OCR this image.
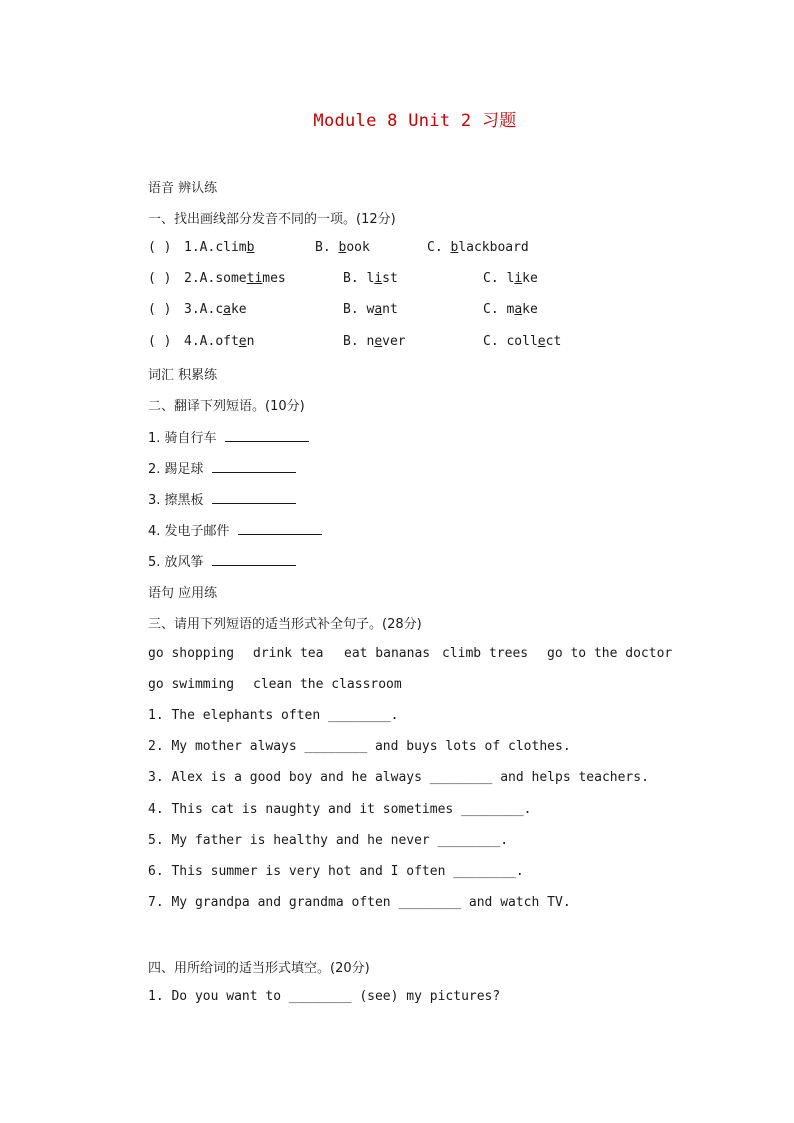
Module 8 Unit 2 习题
语音 辨认练
一、找出画线部分发音不同的一项。(12分)
( ) 1.A.climb	B. book	C. blackboard
( ) 2.A.sometimes	B. list	C. like
( ) 3.A.cake	B. want	C. make
( ) 4.A.often	B. never	C. collect
词汇 积累练
二、翻译下列短语。(10分)
1. 骑自行车
2. 踢足球
3. 擦黑板
4. 发电子邮件
5. 放风筝
语句 应用练
三、请用下列短语的适当形式补全句子。(28分)
go shopping drink tea eat bananas climb trees go to the doctor
go swimming clean the classroom
1. The elephants often ________.
2. My mother always ________ and buys lots of clothes.
3. Alex is a good boy and he always ________ and helps teachers.
4. This cat is naughty and it sometimes ________.
5. My father is healthy and he never ________.
6. This summer is very hot and I often ________.
7. My grandpa and grandma often ________ and watch TV.
四、用所给词的适当形式填空。(20分)
1. Do you want to ________ (see) my pictures?
